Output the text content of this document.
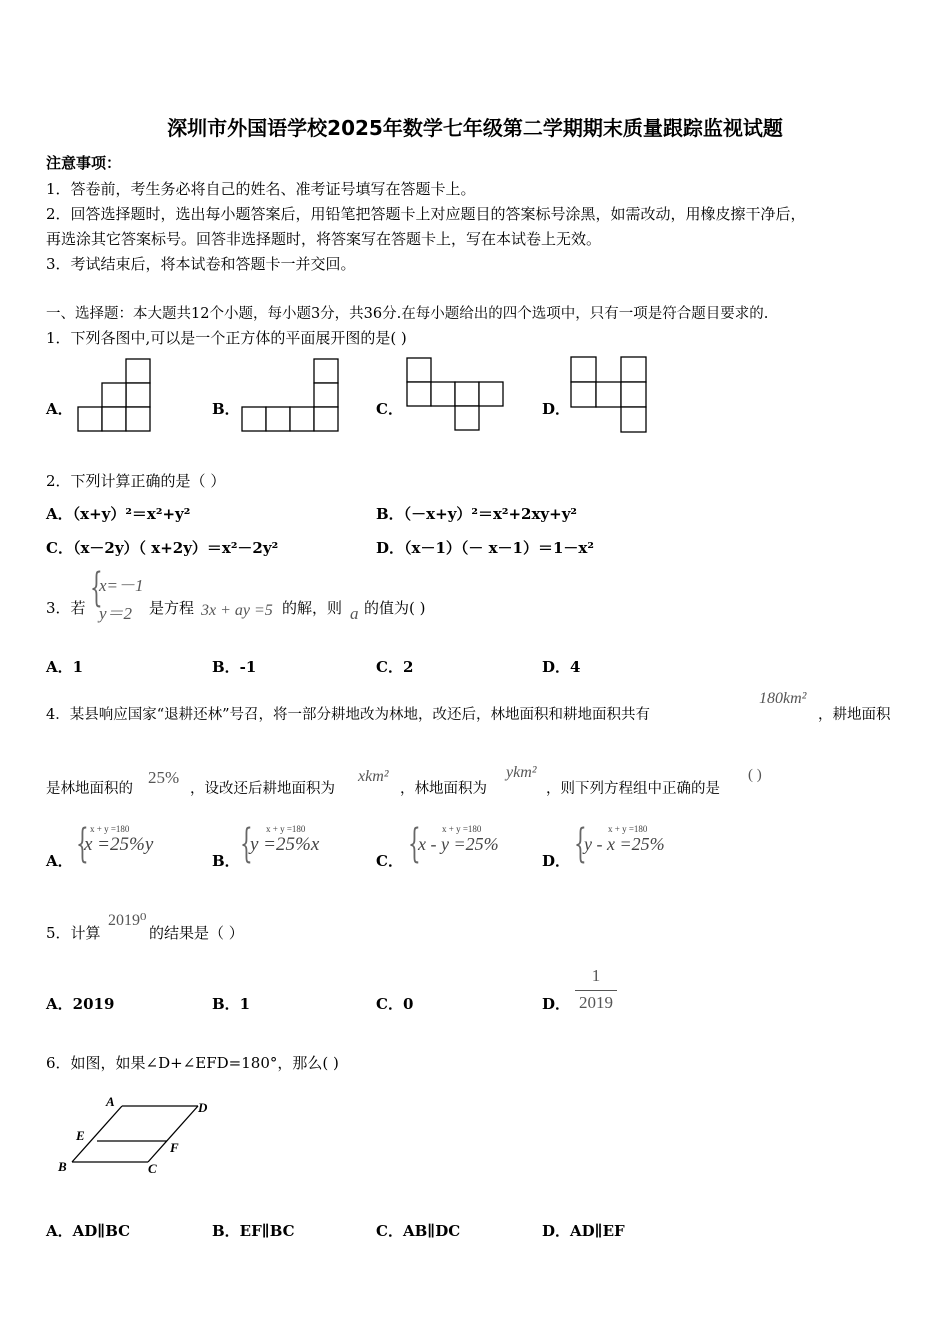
深圳市外国语学校2025年数学七年级第二学期期末质量跟踪监视试题
注意事项：
1．答卷前，考生务必将自己的姓名、准考证号填写在答题卡上。
2．回答选择题时，选出每小题答案后，用铅笔把答题卡上对应题目的答案标号涂黑，如需改动，用橡皮擦干净后，
再选涂其它答案标号。回答非选择题时，将答案写在答题卡上，写在本试卷上无效。
3．考试结束后，将本试卷和答题卡一并交回。
一、选择题：本大题共12个小题，每小题3分，共36分.在每小题给出的四个选项中，只有一项是符合题目要求的.
1．下列各图中,可以是一个正方体的平面展开图的是( )
A．	B．	C．	D．
2．下列计算正确的是（ ）
A．（x+y）²＝x²+y²	B．（－x+y）²＝x²+2xy+y²
C．（x－2y）（ x+2y）＝x²－2y²	D．（x－1）（－ x－1）＝1－x²
3．若 {
x=－1
y＝2 是方程 3x + ay =5 的解，则 a 的值为( )
A．1	B．-1	C．2	D．4
4．某县响应国家“退耕还林”号召，将一部分耕地改为林地，改还后，林地面积和耕地面积共有
180km²
，耕地面积
是林地面积的
25%
，设改还后耕地面积为
xkm²
，林地面积为
ykm²
，则下列方程组中正确的是
( )
A． { x + y =180
x =25%y
B． { x + y =180
y =25%x
C． { x + y =180
x - y =25%
D． { x + y =180
y - x =25%
5．计算
2019⁰
的结果是（ ）
A．2019	B．1	C．0	D．
1
2019
6．如图，如果∠D+∠EFD=180°，那么( )
A	D
E
F
B	C
A．AD∥BC	B．EF∥BC	C．AB∥DC	D．AD∥EF
